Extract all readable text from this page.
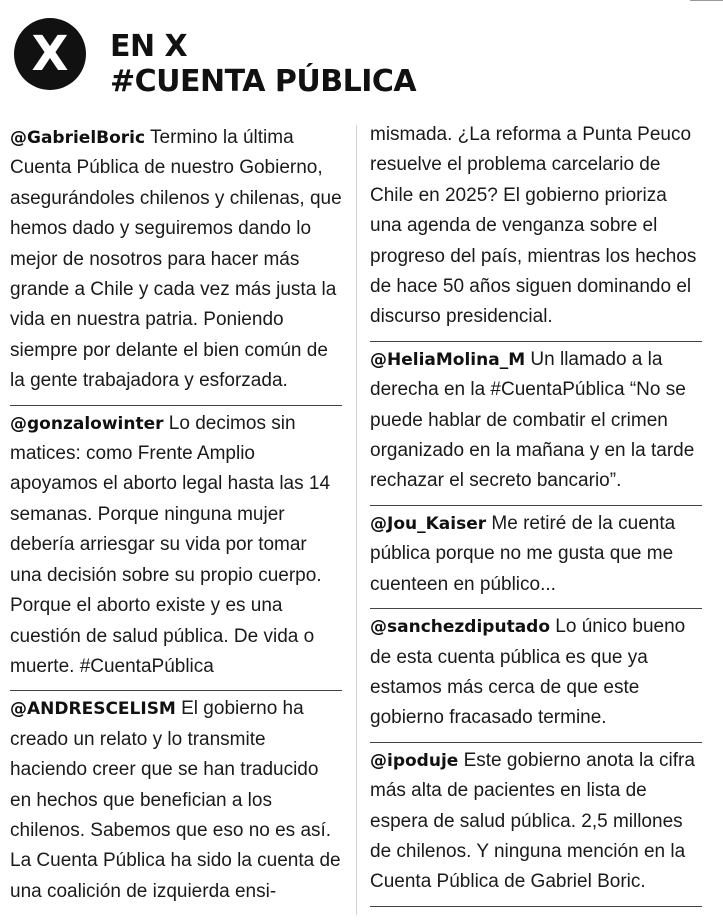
X	EN X
#CUENTA PÚBLICA

@GabrielBoric Termino la última Cuenta Pública de nuestro Gobierno, asegurándoles chilenos y chilenas, que hemos dado y seguiremos dando lo mejor de nosotros para hacer más grande a Chile y cada vez más justa la vida en nuestra patria. Poniendo siempre por delante el bien común de la gente trabajadora y esforzada.

@gonzalowinter Lo decimos sin matices: como Frente Amplio apoyamos el aborto legal hasta las 14 semanas. Porque ninguna mujer debería arriesgar su vida por tomar una decisión sobre su propio cuerpo. Porque el aborto existe y es una cuestión de salud pública. De vida o muerte. #CuentaPública

@ANDRESCELISM El gobierno ha creado un relato y lo transmite haciendo creer que se han traducido en hechos que benefician a los chilenos. Sabemos que eso no es así. La Cuenta Pública ha sido la cuenta de una coalición de izquierda ensi-

mismada. ¿La reforma a Punta Peuco resuelve el problema carcelario de Chile en 2025? El gobierno prioriza una agenda de venganza sobre el progreso del país, mientras los hechos de hace 50 años siguen dominando el discurso presidencial.

@HeliaMolina_M Un llamado a la derecha en la #CuentaPública “No se puede hablar de combatir el crimen organizado en la mañana y en la tarde rechazar el secreto bancario”.

@Jou_Kaiser Me retiré de la cuenta pública porque no me gusta que me cuenteen en público...

@sanchezdiputado Lo único bueno de esta cuenta pública es que ya estamos más cerca de que este gobierno fracasado termine.

@ipoduje Este gobierno anota la cifra más alta de pacientes en lista de espera de salud pública. 2,5 millones de chilenos. Y ninguna mención en la Cuenta Pública de Gabriel Boric.
